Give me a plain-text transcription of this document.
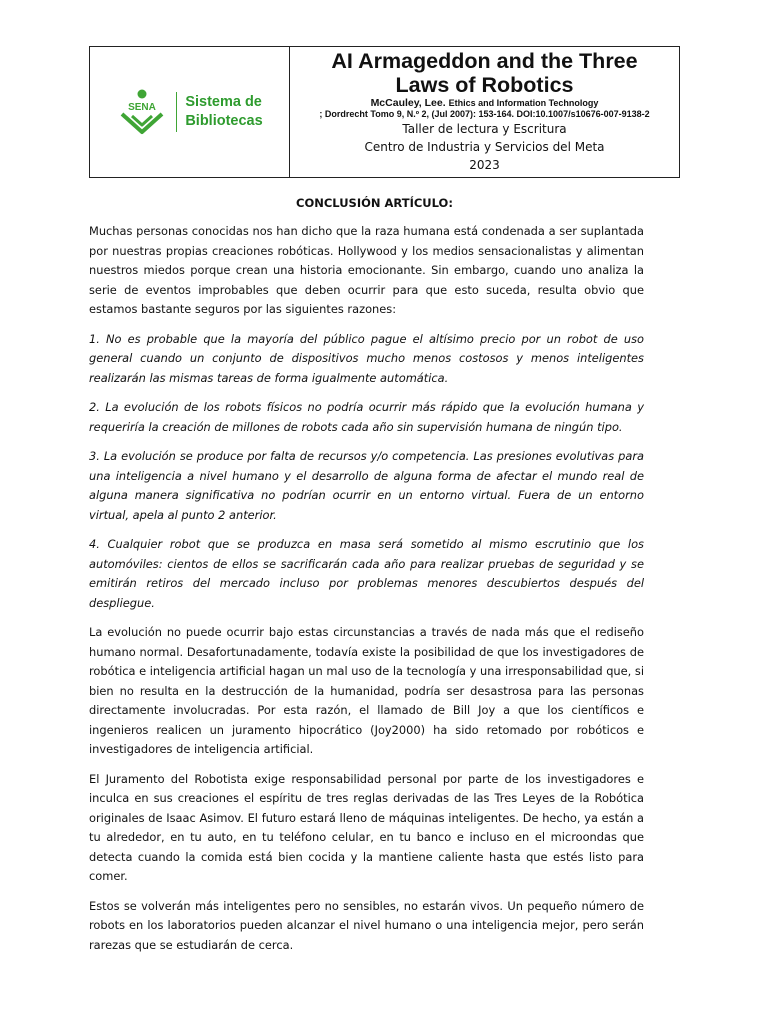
SENA Sistema de
Bibliotecas
AI Armageddon and the Three
Laws of Robotics
McCauley, Lee. Ethics and Information Technology
; Dordrecht Tomo 9, N.º 2, (Jul 2007): 153-164. DOI:10.1007/s10676-007-9138-2
Taller de lectura y Escritura
Centro de Industria y Servicios del Meta
2023
CONCLUSIÓN ARTÍCULO:

Muchas personas conocidas nos han dicho que la raza humana está condenada a ser suplantada por nuestras propias creaciones robóticas. Hollywood y los medios sensacionalistas y alimentan nuestros miedos porque crean una historia emocionante. Sin embargo, cuando uno analiza la serie de eventos improbables que deben ocurrir para que esto suceda, resulta obvio que estamos bastante seguros por las siguientes razones:

1. No es probable que la mayoría del público pague el altísimo precio por un robot de uso general cuando un conjunto de dispositivos mucho menos costosos y menos inteligentes realizarán las mismas tareas de forma igualmente automática.

2. La evolución de los robots físicos no podría ocurrir más rápido que la evolución humana y requeriría la creación de millones de robots cada año sin supervisión humana de ningún tipo.

3. La evolución se produce por falta de recursos y/o competencia. Las presiones evolutivas para una inteligencia a nivel humano y el desarrollo de alguna forma de afectar el mundo real de alguna manera significativa no podrían ocurrir en un entorno virtual. Fuera de un entorno virtual, apela al punto 2 anterior.

4. Cualquier robot que se produzca en masa será sometido al mismo escrutinio que los automóviles: cientos de ellos se sacrificarán cada año para realizar pruebas de seguridad y se emitirán retiros del mercado incluso por problemas menores descubiertos después del despliegue.

La evolución no puede ocurrir bajo estas circunstancias a través de nada más que el rediseño humano normal. Desafortunadamente, todavía existe la posibilidad de que los investigadores de robótica e inteligencia artificial hagan un mal uso de la tecnología y una irresponsabilidad que, si bien no resulta en la destrucción de la humanidad, podría ser desastrosa para las personas directamente involucradas. Por esta razón, el llamado de Bill Joy a que los científicos e ingenieros realicen un juramento hipocrático (Joy2000) ha sido retomado por robóticos e investigadores de inteligencia artificial.

El Juramento del Robotista exige responsabilidad personal por parte de los investigadores e inculca en sus creaciones el espíritu de tres reglas derivadas de las Tres Leyes de la Robótica originales de Isaac Asimov. El futuro estará lleno de máquinas inteligentes. De hecho, ya están a tu alrededor, en tu auto, en tu teléfono celular, en tu banco e incluso en el microondas que detecta cuando la comida está bien cocida y la mantiene caliente hasta que estés listo para comer.

Estos se volverán más inteligentes pero no sensibles, no estarán vivos. Un pequeño número de robots en los laboratorios pueden alcanzar el nivel humano o una inteligencia mejor, pero serán rarezas que se estudiarán de cerca.
